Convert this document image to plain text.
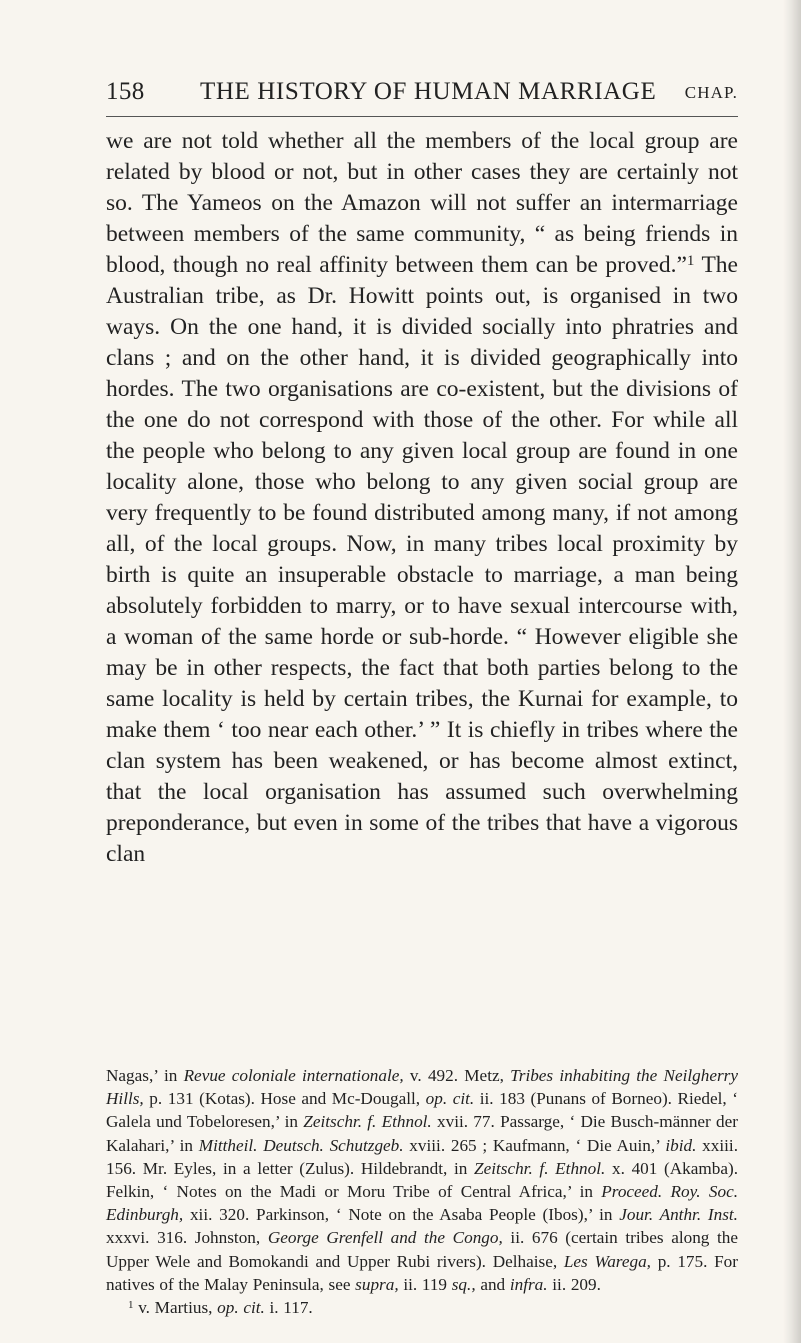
158 THE HISTORY OF HUMAN MARRIAGE CHAP.

we are not told whether all the members of the local group are related by blood or not, but in other cases they are certainly not so. The Yameos on the Amazon will not suffer an intermarriage between members of the same community, “ as being friends in blood, though no real affinity between them can be proved.”$^1$ The Australian tribe, as Dr. Howitt points out, is organised in two ways. On the one hand, it is divided socially into phratries and clans ; and on the other hand, it is divided geographically into hordes. The two organisations are co-existent, but the divisions of the one do not correspond with those of the other. For while all the people who belong to any given local group are found in one locality alone, those who belong to any given social group are very frequently to be found distributed among many, if not among all, of the local groups. Now, in many tribes local proximity by birth is quite an insuperable obstacle to marriage, a man being absolutely forbidden to marry, or to have sexual intercourse with, a woman of the same horde or sub-horde. “ However eligible she may be in other respects, the fact that both parties belong to the same locality is held by certain tribes, the Kurnai for example, to make them ‘ too near each other.’ ” It is chiefly in tribes where the clan system has been weakened, or has become almost extinct, that the local organisation has assumed such overwhelming preponderance, but even in some of the tribes that have a vigorous clan

Nagas,’ in Revue coloniale internationale, v. 492. Metz, Tribes inhabiting the Neilgherry Hills, p. 131 (Kotas). Hose and Mc-Dougall, op. cit. ii. 183 (Punans of Borneo). Riedel, ‘ Galela und Tobeloresen,’ in Zeitschr. f. Ethnol. xvii. 77. Passarge, ‘ Die Busch-männer der Kalahari,’ in Mittheil. Deutsch. Schutzgeb. xviii. 265 ; Kaufmann, ‘ Die Auin,’ ibid. xxiii. 156. Mr. Eyles, in a letter (Zulus). Hildebrandt, in Zeitschr. f. Ethnol. x. 401 (Akamba). Felkin, ‘ Notes on the Madi or Moru Tribe of Central Africa,’ in Proceed. Roy. Soc. Edinburgh, xii. 320. Parkinson, ‘ Note on the Asaba People (Ibos),’ in Jour. Anthr. Inst. xxxvi. 316. Johnston, George Grenfell and the Congo, ii. 676 (certain tribes along the Upper Wele and Bomokandi and Upper Rubi rivers). Delhaise, Les Warega, p. 175. For natives of the Malay Peninsula, see supra, ii. 119 sq., and infra. ii. 209.

$^1$ v. Martius, op. cit. i. 117.
